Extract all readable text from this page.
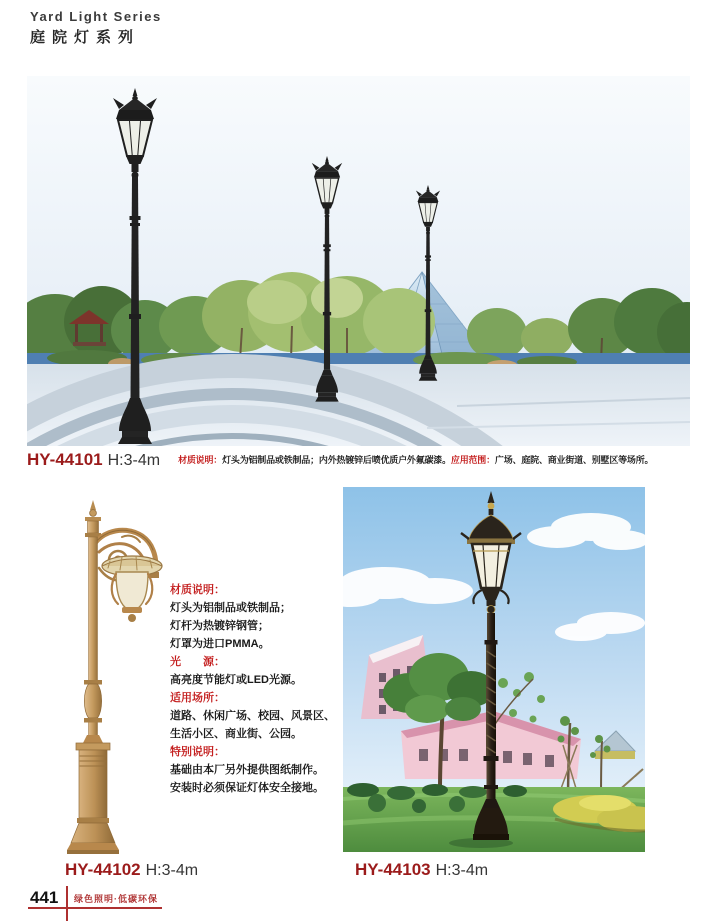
Yard Light Series
庭院灯系列
HY-44101 H:3-4m 材质说明：灯头为铝制品或铁制品；内外热镀锌后喷优质户外氟碳漆。应用范围：广场、庭院、商业街道、别墅区等场所。
材质说明：
灯头为铝制品或铁制品；
灯杆为热镀锌钢管；
灯罩为进口PMMA。
光　　源：
高亮度节能灯或LED光源。
适用场所：
道路、休闲广场、校园、风景区、
生活小区、商业街、公园。
特别说明：
基础由本厂另外提供图纸制作。
安装时必须保证灯体安全接地。
HY-44102 H:3-4m	HY-44103 H:3-4m
441 绿色照明·低碳环保
